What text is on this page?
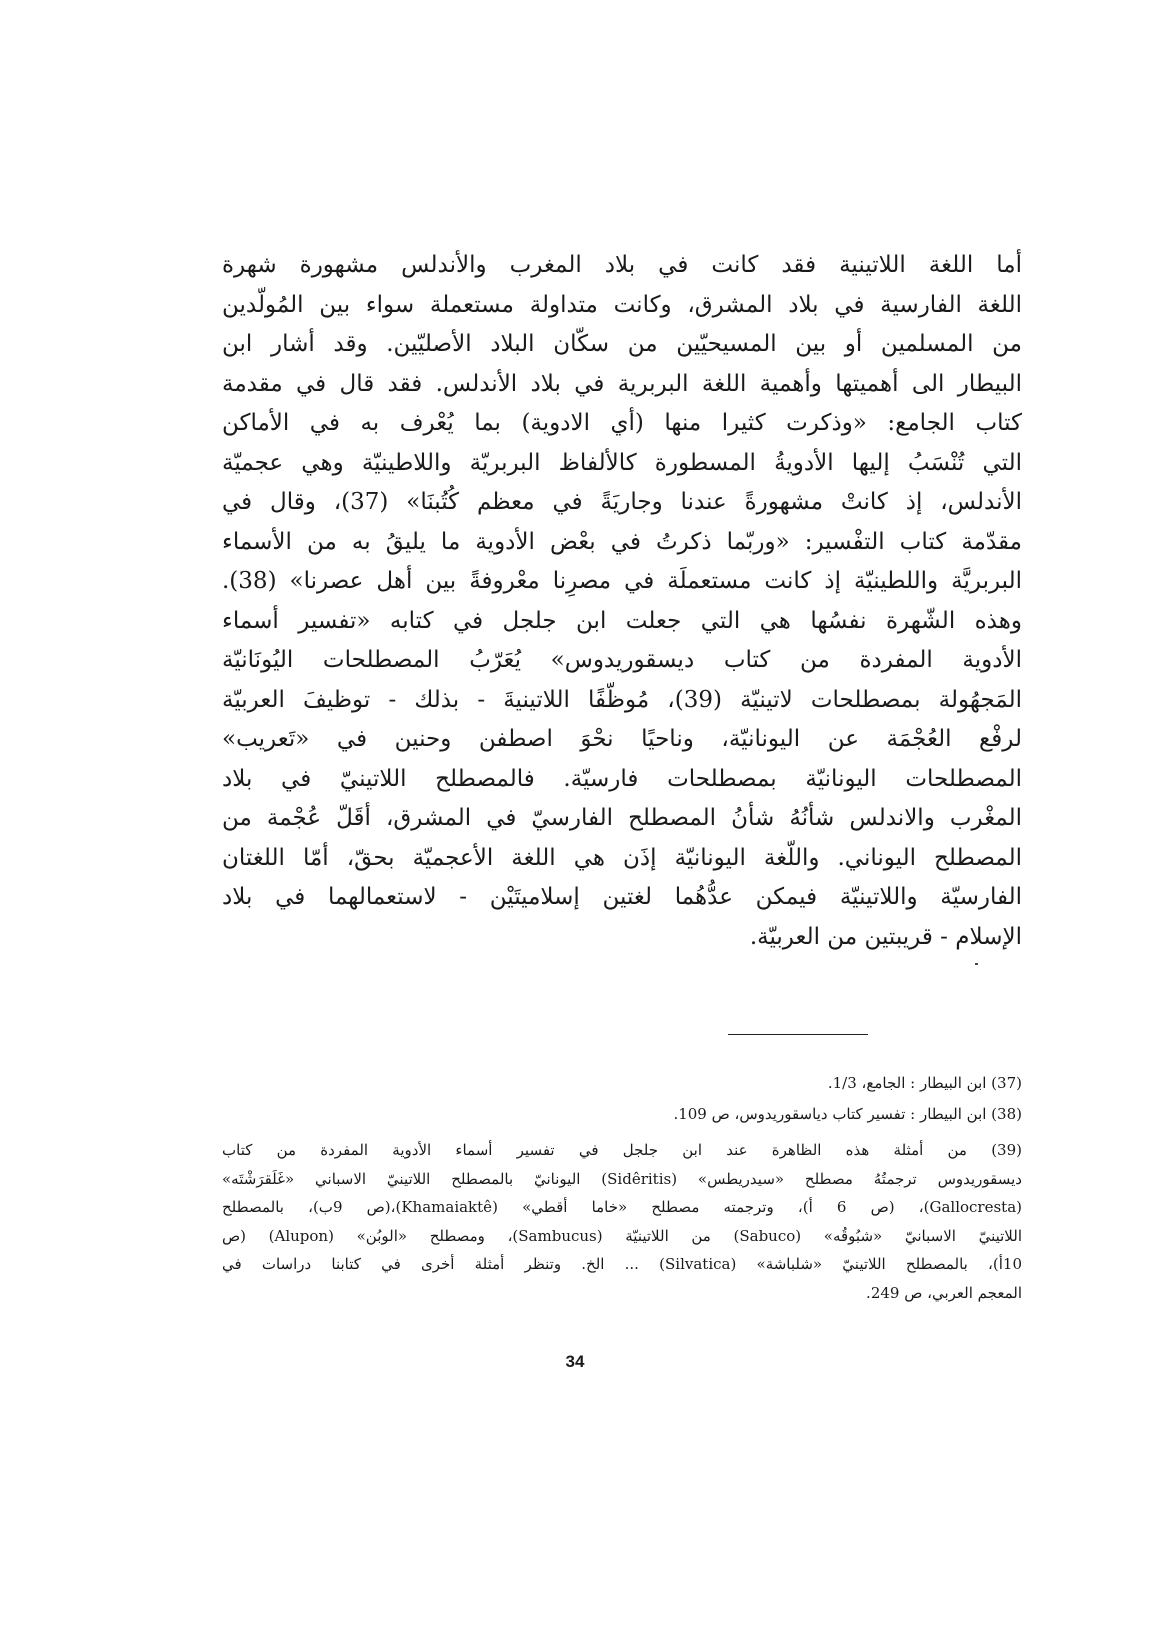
أما اللغة اللاتينية فقد كانت في بلاد المغرب والأندلس مشهورة شهرة
اللغة الفارسية في بلاد المشرق، وكانت متداولة مستعملة سواء بين المُولّدين
من المسلمين أو بين المسيحيّين من سكّان البلاد الأصليّين. وقد أشار ابن
البيطار الى أهميتها وأهمية اللغة البربرية في بلاد الأندلس. فقد قال في مقدمة
كتاب الجامع: «وذكرت كثيرا منها (أي الادوية) بما يُعْرف به في الأماكن
التي تُنْسَبُ إليها الأدويةُ المسطورة كالألفاظ البربريّة واللاطينيّة وهي عجميّة
الأندلس، إذ كانتْ مشهورةً عندنا وجاريَةً في معظم كُتُبنَا» (37)، وقال في
مقدّمة كتاب التفْسير: «وربّما ذكرتُ في بعْض الأدوية ما يليقُ به من الأسماء
البربريَّة واللطينيّة إذ كانت مستعملَة في مصرِنا معْروفةً بين أهل عصرنا» (38).
وهذه الشّهرة نفسُها هي التي جعلت ابن جلجل في كتابه «تفسير أسماء
الأدوية المفردة من كتاب ديسقوريدوس» يُعَرّبُ المصطلحات اليُونَانيّة
المَجهُولة بمصطلحات لاتينيّة (39)، مُوظّفًا اللاتينيةَ - بذلك - توظيفَ العربيّة
لرفْع العُجْمَة عن اليونانيّة، وناحيًا نحْوَ اصطفن وحنين في «تَعريب»
المصطلحات اليونانيّة بمصطلحات فارسيّة. فالمصطلح اللاتينيّ في بلاد
المغْرب والاندلس شأنُهُ شأنُ المصطلح الفارسيّ في المشرق، أقَلّ عُجْمة من
المصطلح اليوناني. واللّغة اليونانيّة إذَن هي اللغة الأعجميّة بحقّ، أمّا اللغتان
الفارسيّة واللاتينيّة فيمكن عدُّهُما لغتين إسلاميتَيْن - لاستعمالهما في بلاد
الإسلام - قريبتين من العربيّة.
(37) ابن البيطار : الجامع، 1/3.
(38) ابن البيطار : تفسير كتاب دياسقوريدوس، ص 109.
(39) من أمثلة هذه الظاهرة عند ابن جلجل في تفسير أسماء الأدوية المفردة من كتاب
ديسقوريدوس ترجمتُهُ مصطلح «سيدريطس» (Sidêritis) اليونانيّ بالمصطلح اللاتينيّ الاسباني «غَلَقرَشْتَه»
(Gallocresta)، (ص 6 أ)، وترجمته مصطلح «خاما أقطي» (Khamaiaktê)،(ص 9ب)، بالمصطلح
اللاتينيّ الاسبانيّ «شبُوقُه» (Sabuco) من اللاتينيّة (Sambucus)، ومصطلح «الوبُن» (Alupon) (ص
10أ)، بالمصطلح اللاتينيّ «شلباشة» (Silvatica) ... الخ. وتنظر أمثلة أخرى في كتابنا دراسات في
المعجم العربي، ص 249.
34
